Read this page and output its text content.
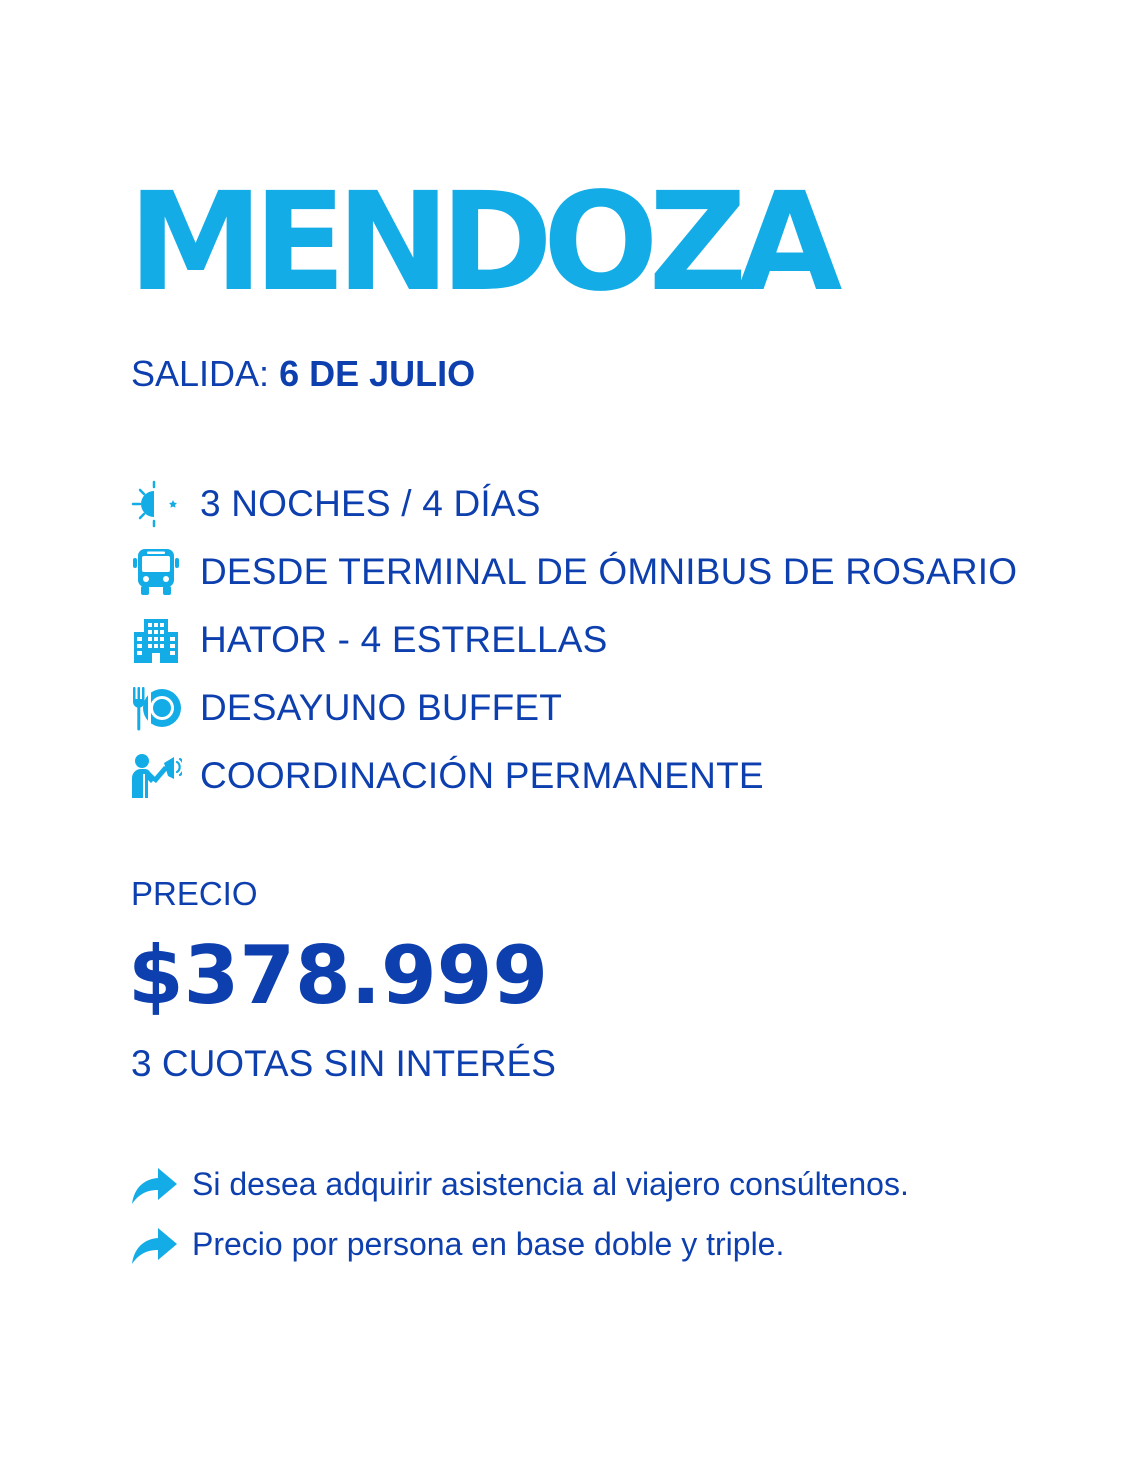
MENDOZA
SALIDA: 6 DE JULIO
3 NOCHES / 4 DÍAS
DESDE TERMINAL DE ÓMNIBUS DE ROSARIO
HATOR - 4 ESTRELLAS
DESAYUNO BUFFET
COORDINACIÓN PERMANENTE
PRECIO
$378.999
3 CUOTAS SIN INTERÉS
Si desea adquirir asistencia al viajero consúltenos.
Precio por persona en base doble y triple.
